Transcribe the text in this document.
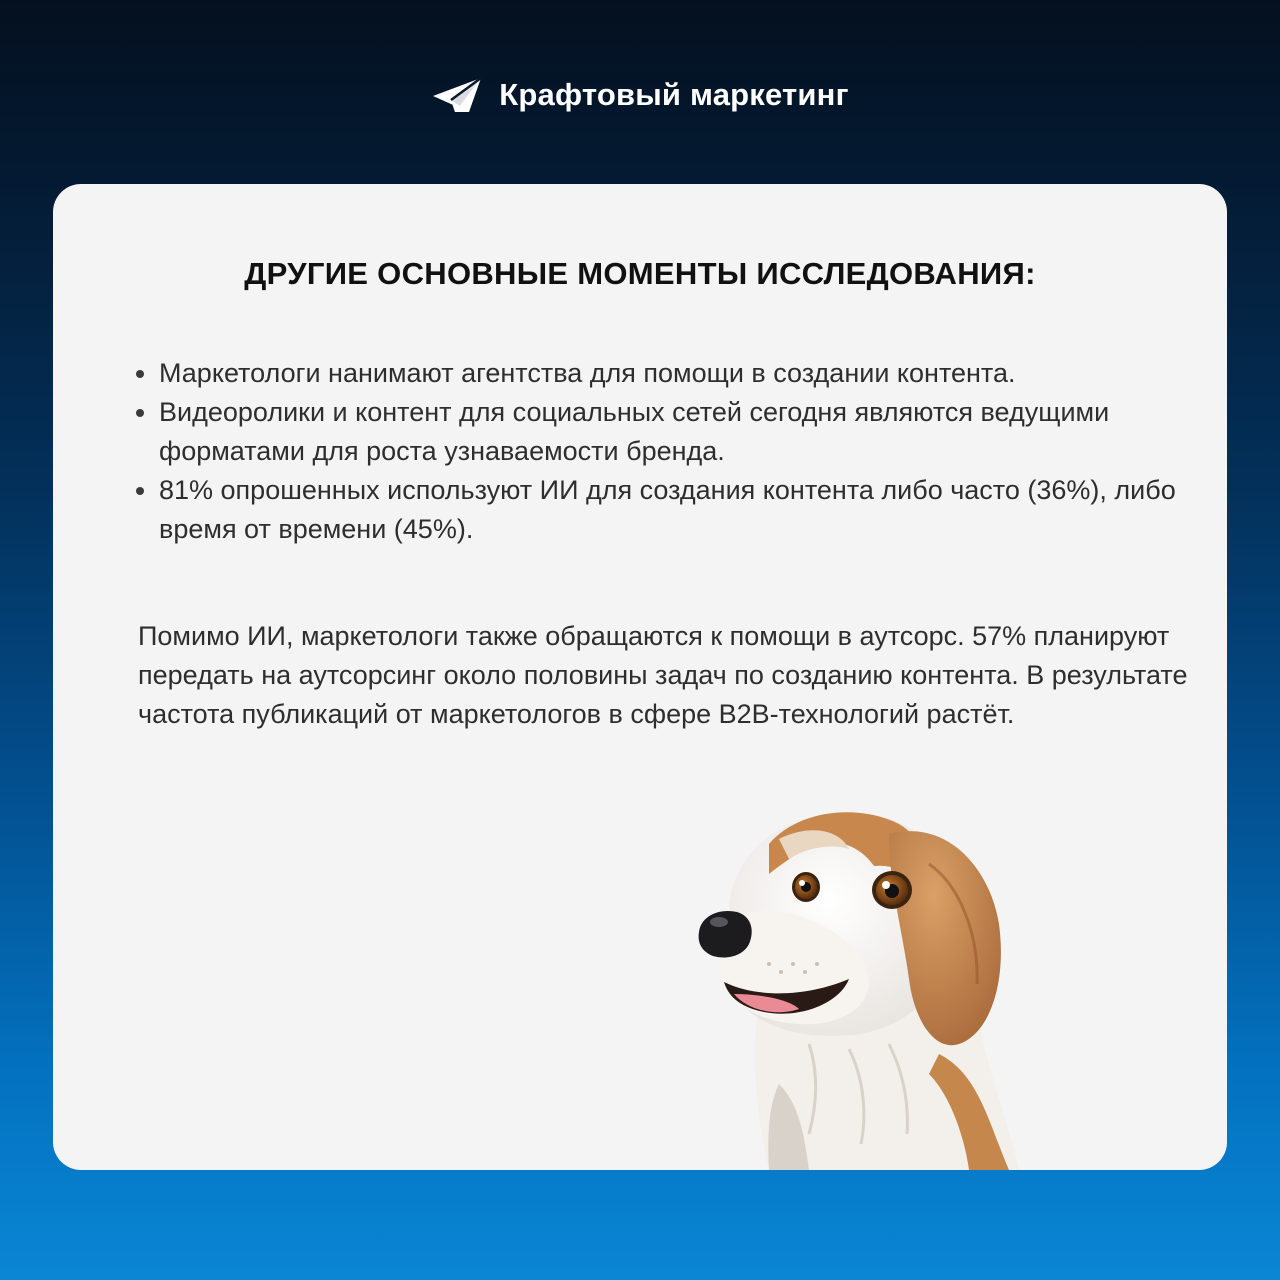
Крафтовый маркетинг
ДРУГИЕ ОСНОВНЫЕ МОМЕНТЫ ИССЛЕДОВАНИЯ:
• Маркетологи нанимают агентства для помощи в создании контента.
• Видеоролики и контент для социальных сетей сегодня являются ведущими форматами для роста узнаваемости бренда.
• 81% опрошенных используют ИИ для создания контента либо часто (36%), либо время от времени (45%).

Помимо ИИ, маркетологи также обращаются к помощи в аутсорс. 57% планируют передать на аутсорсинг около половины задач по созданию контента. В результате частота публикаций от маркетологов в сфере B2B-технологий растёт.
